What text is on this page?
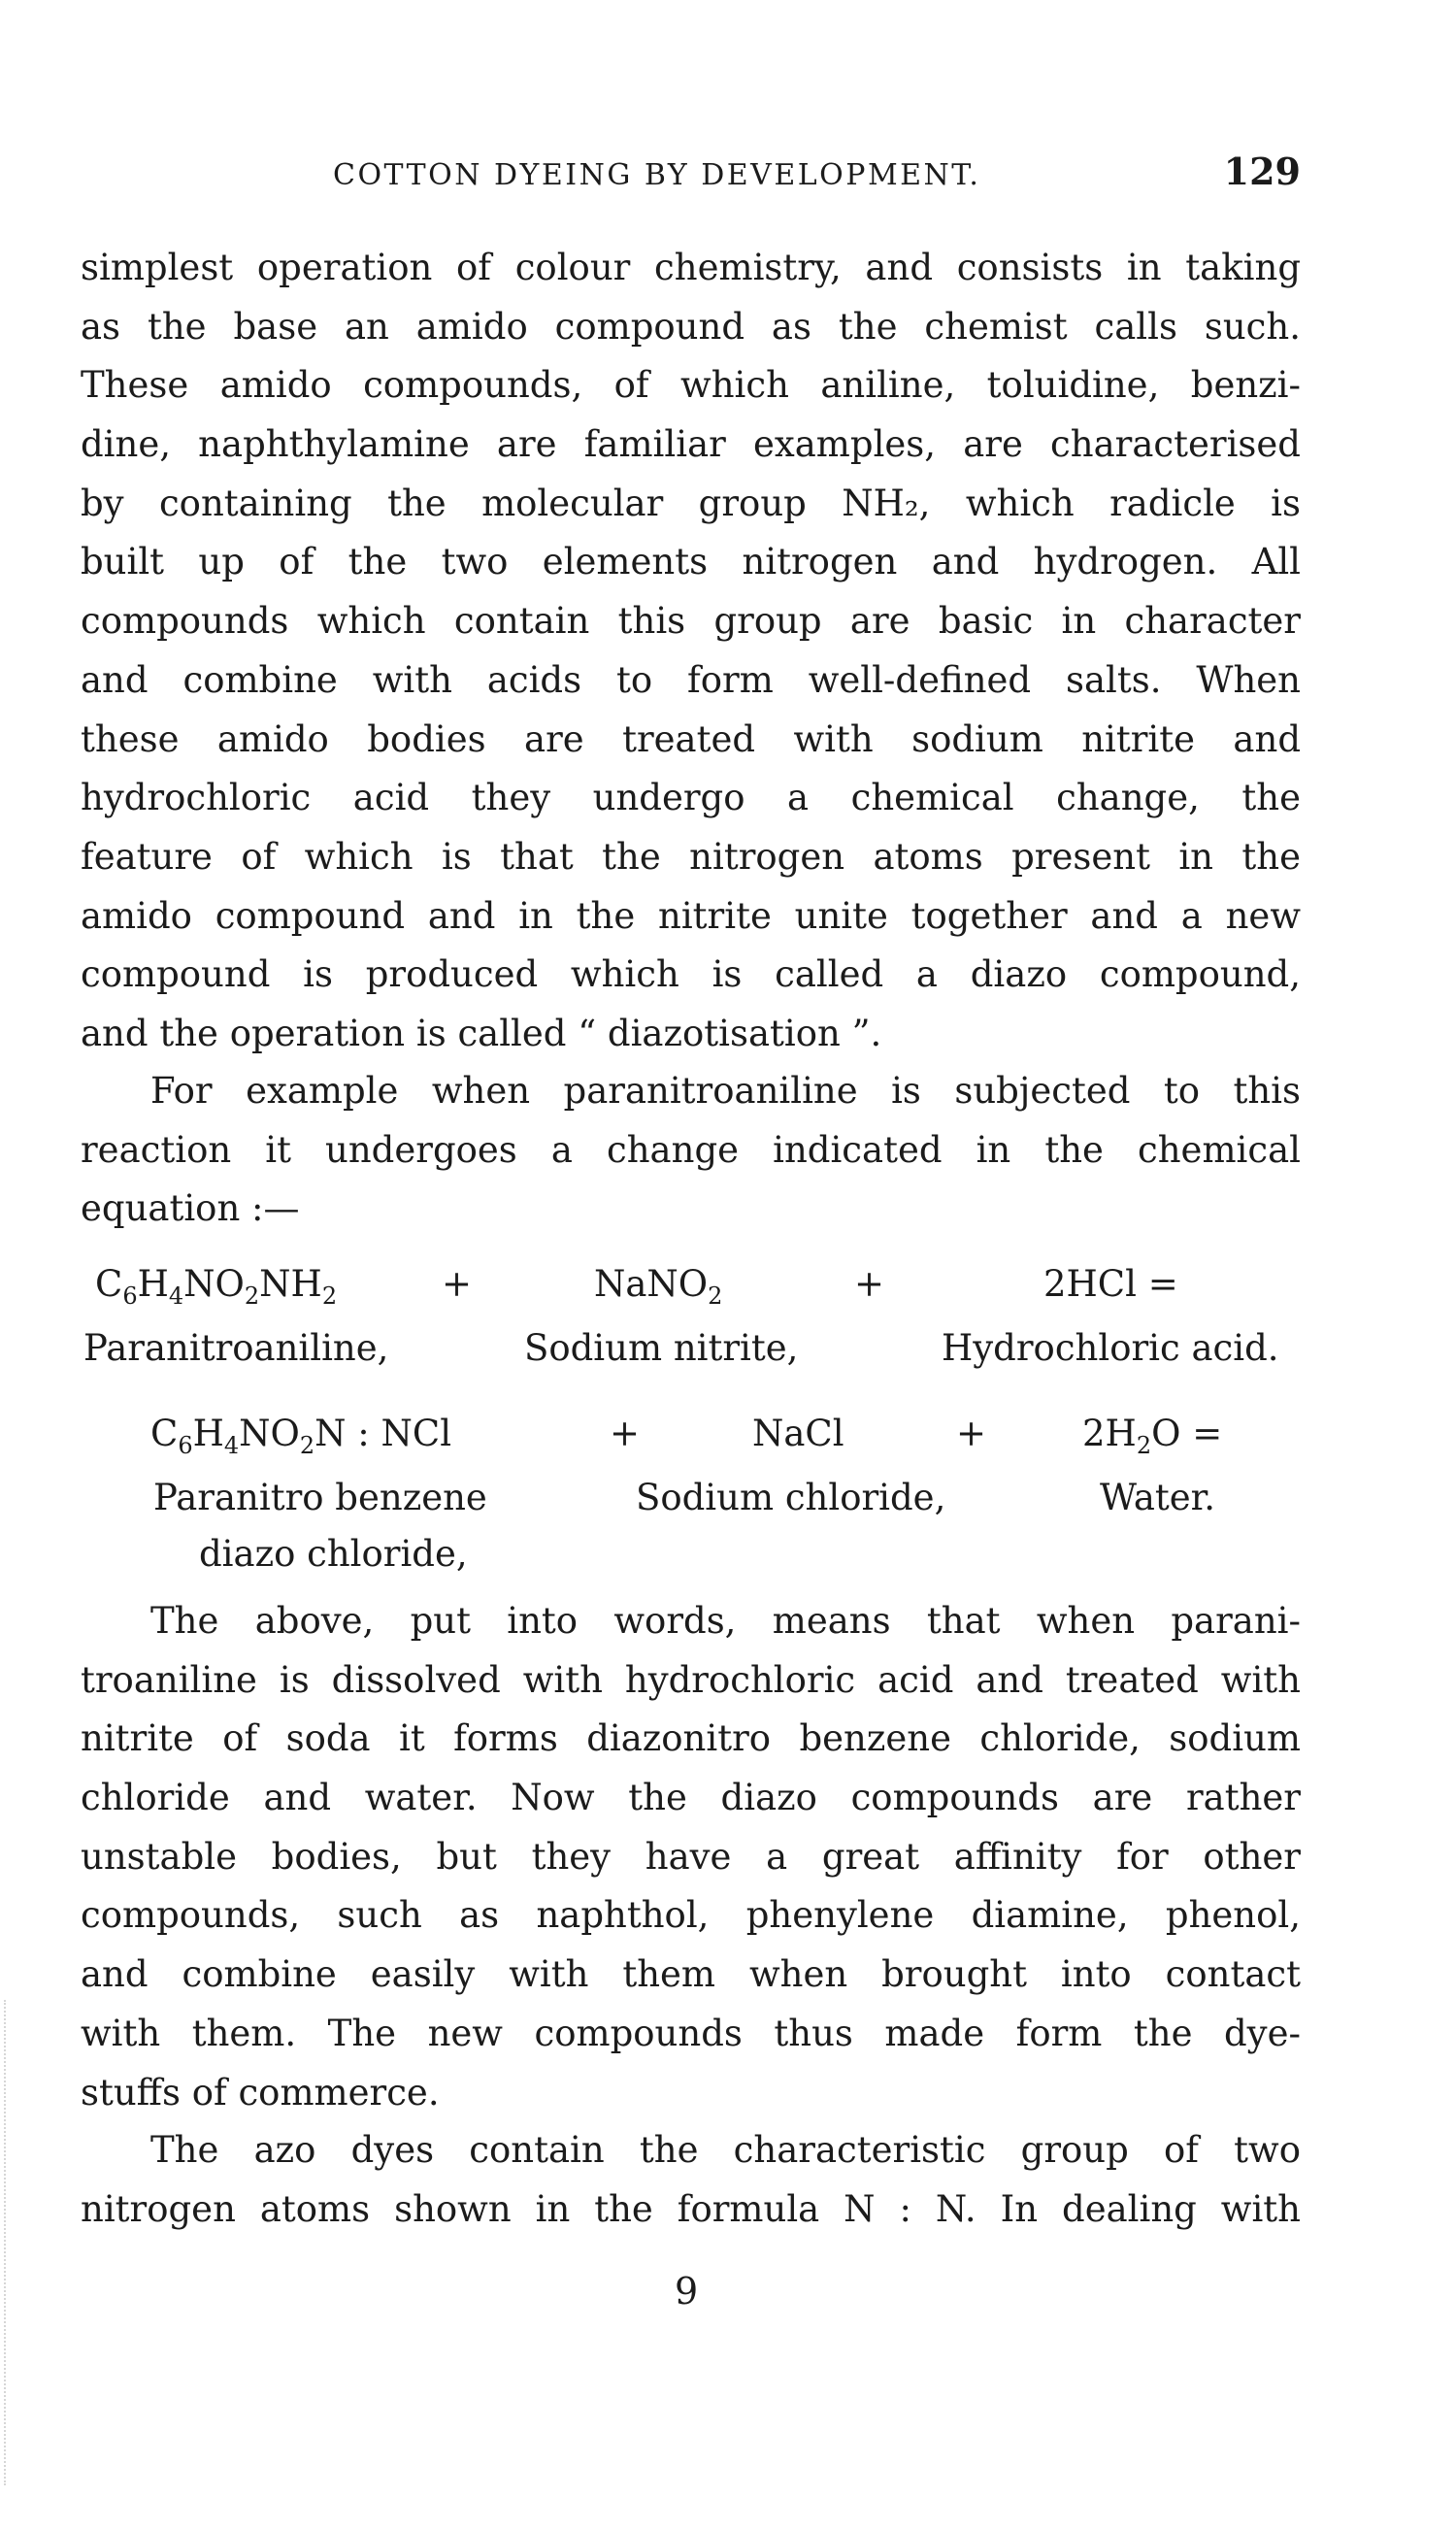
COTTON DYEING BY DEVELOPMENT.	129
simplest operation of colour chemistry, and consists in taking
as the base an amido compound as the chemist calls such.
These amido compounds, of which aniline, toluidine, benzi-
dine, naphthylamine are familiar examples, are characterised
by containing the molecular group NH₂, which radicle is
built up of the two elements nitrogen and hydrogen. All
compounds which contain this group are basic in character
and combine with acids to form well-defined salts. When
these amido bodies are treated with sodium nitrite and
hydrochloric acid they undergo a chemical change, the
feature of which is that the nitrogen atoms present in the
amido compound and in the nitrite unite together and a new
compound is produced which is called a diazo compound,
and the operation is called “ diazotisation ”.
For example when paranitroaniline is subjected to this
reaction it undergoes a change indicated in the chemical
equation :—
$C_6H_4NO_2NH_2$	+	NaNO$_2$	+	2HCl =
Paranitroaniline,	Sodium nitrite,	Hydrochloric acid.
$C_6H_4NO_2N$ : NCl	+	NaCl	+	$2H_2O$ =
Paranitro benzene	Sodium chloride,	Water.
diazo chloride,
The above, put into words, means that when parani-
troaniline is dissolved with hydrochloric acid and treated with
nitrite of soda it forms diazonitro benzene chloride, sodium
chloride and water. Now the diazo compounds are rather
unstable bodies, but they have a great affinity for other
compounds, such as naphthol, phenylene diamine, phenol,
and combine easily with them when brought into contact
with them. The new compounds thus made form the dye-
stuffs of commerce.
The azo dyes contain the characteristic group of two
nitrogen atoms shown in the formula N : N. In dealing with
9
